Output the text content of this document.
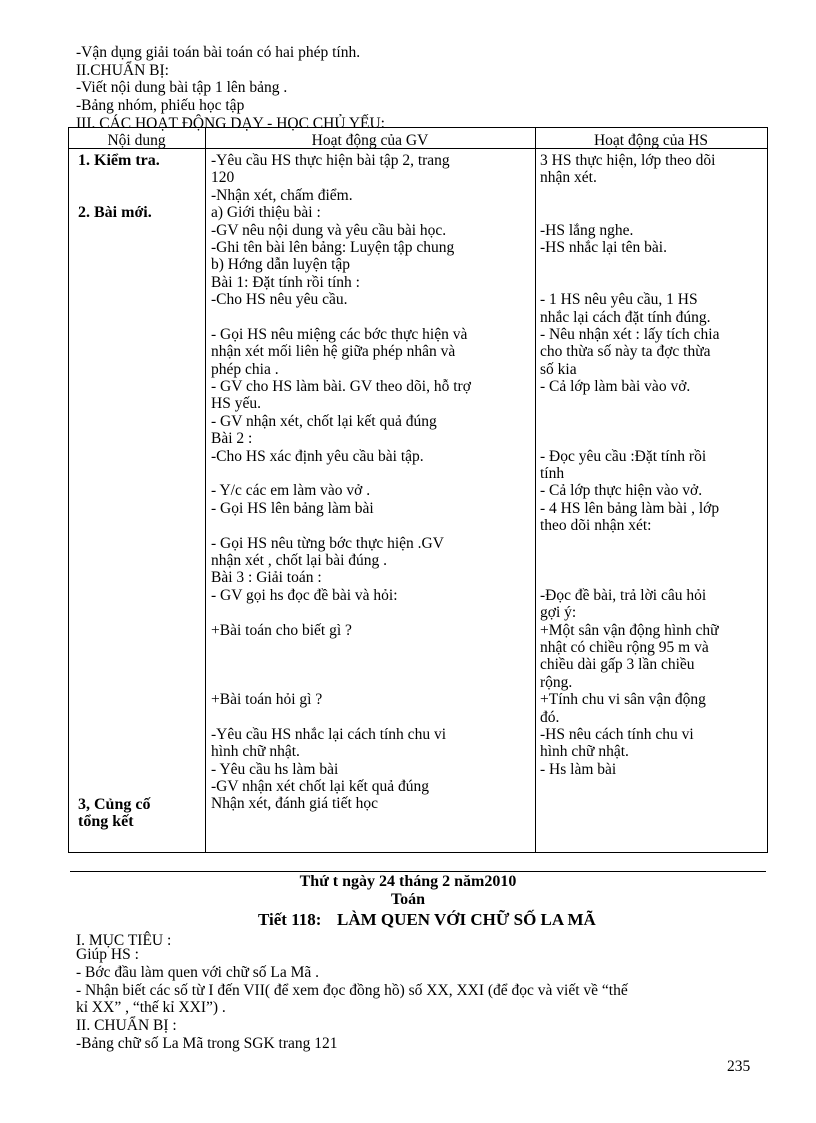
-Vận dụng giải toán bài toán có hai phép tính.
II.CHUẨN BỊ:
-Viết nội dung bài tập 1 lên bảng .
-Bảng nhóm, phiếu học tập
III. CÁC HOẠT ĐỘNG DẠY - HỌC CHỦ YẾU:
Nội dung	Hoạt động của GV	Hoạt động của HS
1. Kiểm tra.
2. Bài mới.
3, Củng cố
tổng kết
-Yêu cầu HS thực hiện bài tập 2, trang
120
-Nhận xét, chấm điểm.
a) Giới thiệu bài :
-GV nêu nội dung và yêu cầu bài học.
-Ghi tên bài lên bảng: Luyện tập chung
b) Hớng dẫn luyện tập
Bài 1: Đặt tính rồi tính :
-Cho HS nêu yêu cầu.

- Gọi HS nêu miệng các bớc thực hiện và
nhận xét mối liên hệ giữa phép nhân và
phép chia .
- GV cho HS làm bài. GV theo dõi, hỗ trợ
HS yếu.
- GV nhận xét, chốt lại kết quả đúng
Bài 2 :
-Cho HS xác định yêu cầu bài tập.

- Y/c các em làm vào vở .
- Gọi HS lên bảng làm bài

- Gọi HS nêu từng bớc thực hiện .GV
nhận xét , chốt lại bài đúng .
Bài 3 : Giải toán :
- GV gọi hs đọc đề bài và hỏi:

+Bài toán cho biết gì ?

+Bài toán hỏi gì ?

-Yêu cầu HS nhắc lại cách tính chu vi
hình chữ nhật.
- Yêu cầu hs làm bài
-GV nhận xét chốt lại kết quả đúng
Nhận xét, đánh giá tiết học
3 HS thực hiện, lớp theo dõi
nhận xét.

-HS lắng nghe.
-HS nhắc lại tên bài.

- 1 HS nêu yêu cầu, 1 HS
nhắc lại cách đặt tính đúng.
- Nêu nhận xét : lấy tích chia
cho thừa số này ta đợc thừa
số kia
- Cả lớp làm bài vào vở.

- Đọc yêu cầu :Đặt tính rồi
tính
- Cả lớp thực hiện vào vở.
- 4 HS lên bảng làm bài , lớp
theo dõi nhận xét:

-Đọc đề bài, trả lời câu hỏi
gợi ý:
+Một sân vận động hình chữ
nhật có chiều rộng 95 m và
chiều dài gấp 3 lần chiều
rộng.
+Tính chu vi sân vận động
đó.
-HS nêu cách tính chu vi
hình chữ nhật.
- Hs làm bài
Thứ t ngày 24 tháng 2 năm2010
Toán
Tiết 118: LÀM QUEN VỚI CHỮ SỐ LA MÃ
I. MỤC TIÊU :
Giúp HS :
- Bớc đầu làm quen với chữ số La Mã .
- Nhận biết các số từ I đến VII( để xem đọc đồng hồ) số XX, XXI (để đọc và viết về “thế
kỉ XX” , “thế kỉ XXI”) .
II. CHUẨN BỊ :
-Bảng chữ số La Mã trong SGK trang 121
235
